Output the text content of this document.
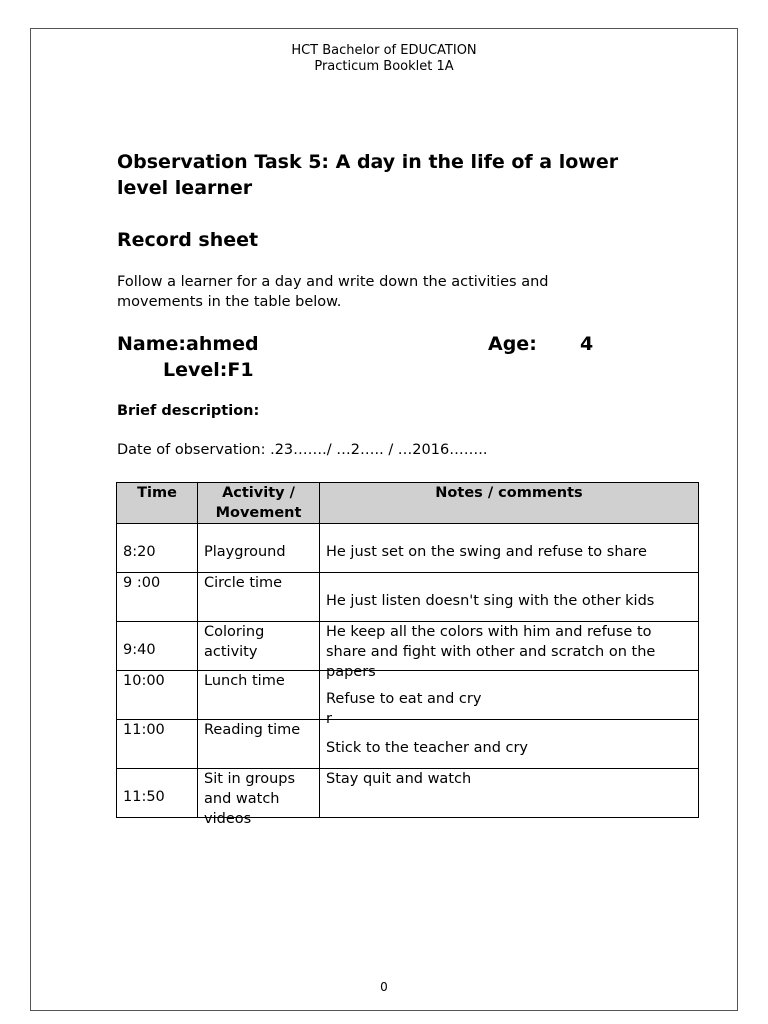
HCT Bachelor of EDUCATION
Practicum Booklet 1A
Observation Task 5: A day in the life of a lower level learner
Record sheet
Follow a learner for a day and write down the activities and movements in the table below.
Name:ahmed	Age: 4
Level:F1
Brief description:
Date of observation: .23……./ …2….. / …2016……..
Time	Activity / Movement	Notes / comments

8:20	Playground	He just set on the swing and refuse to share

9 :00	Circle time	He just listen doesn't sing with the other kids

9:40	Coloring activity	He keep all the colors with him and refuse to share and fight with other and scratch on the papers

10:00	Lunch time	Refuse to eat and cry
r

11:00	Reading time	Stick to the teacher and cry

11:50	Sit in groups and watch videos	Stay quit and watch
0
